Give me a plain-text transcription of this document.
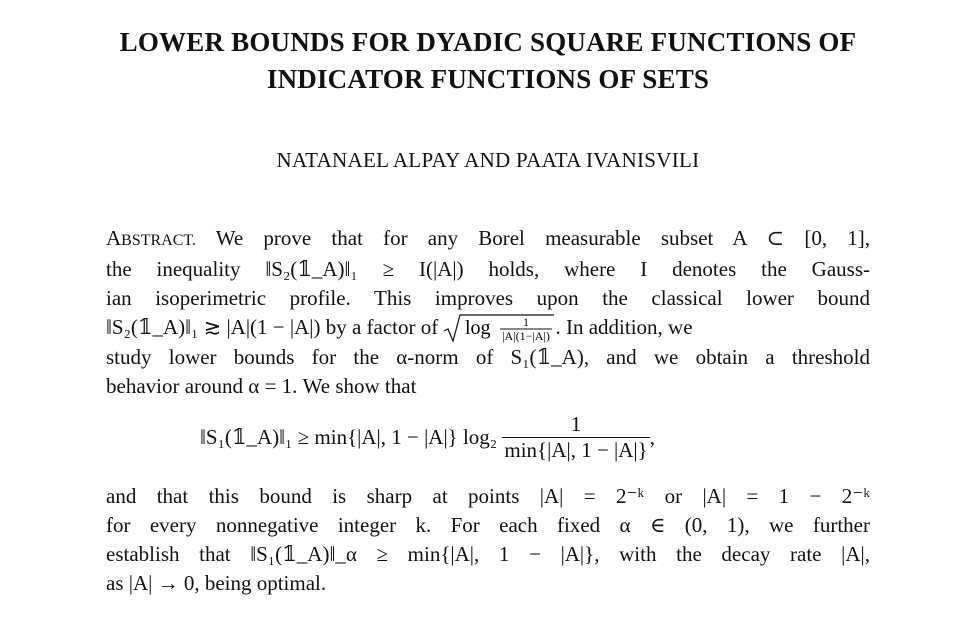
LOWER BOUNDS FOR DYADIC SQUARE FUNCTIONS OF
INDICATOR FUNCTIONS OF SETS
NATANAEL ALPAY AND PAATA IVANISVILI
ABSTRACT. We prove that for any Borel measurable subset A ⊂ [0, 1],
the inequality ‖S₂(𝟙_A)‖₁ ≥ I(|A|) holds, where I denotes the Gauss-
ian isoperimetric profile. This improves upon the classical lower bound
‖S₂(𝟙_A)‖₁ ≳ |A|(1 − |A|) by a factor of log	1
|A|(1−|A|) . In addition, we
study lower bounds for the α-norm of S₁(𝟙_A), and we obtain a threshold
behavior around α = 1. We show that
‖S₁(𝟙_A)‖₁ ≥ min{|A|, 1 − |A|} $\log_2 \frac{1}{\min\{|A|, 1 - |A|\}}$ ,
and that this bound is sharp at points |A| = 2⁻ᵏ or |A| = 1 − 2⁻ᵏ
for every nonnegative integer k. For each fixed α ∈ (0, 1), we further
establish that ‖S₁(𝟙_A)‖_α ≥ min{|A|, 1 − |A|}, with the decay rate |A|,
as |A| → 0, being optimal.
